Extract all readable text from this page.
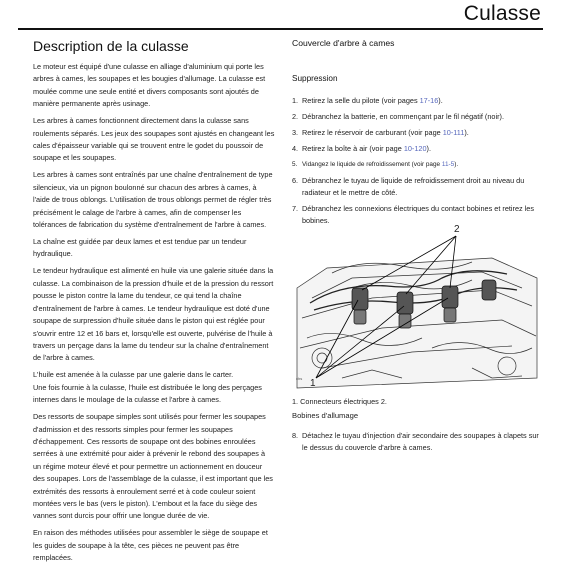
Culasse
Description de la culasse

Le moteur est équipé d'une culasse en alliage d'aluminium qui porte les arbres à cames, les soupapes et les bougies d'allumage. La culasse est moulée comme une seule entité et divers composants sont ajoutés de manière permanente après usinage.

Les arbres à cames fonctionnent directement dans la culasse sans roulements séparés. Les jeux des soupapes sont ajustés en changeant les cales d'épaisseur variable qui se trouvent entre le godet du poussoir de soupape et les soupapes.

Les arbres à cames sont entraînés par une chaîne d'entraînement de type silencieux, via un pignon boulonné sur chacun des arbres à cames, à l'aide de trous oblongs. L'utilisation de trous oblongs permet de régler très précisément le calage de l'arbre à cames, afin de compenser les tolérances de fabrication du système d'entraînement de l'arbre à cames.

La chaîne est guidée par deux lames et est tendue par un tendeur hydraulique.

Le tendeur hydraulique est alimenté en huile via une galerie située dans la culasse. La combinaison de la pression d'huile et de la pression du ressort pousse le piston contre la lame du tendeur, ce qui tend la chaîne d'entraînement de l'arbre à cames. Le tendeur hydraulique est doté d'une soupape de surpression d'huile située dans le piston qui est réglée pour s'ouvrir entre 12 et 16 bars et, lorsqu'elle est ouverte, pulvérise de l'huile à travers un perçage dans la lame du tendeur sur la chaîne d'entraînement de l'arbre à cames.

L'huile est amenée à la culasse par une galerie dans le carter.

Une fois fournie à la culasse, l'huile est distribuée le long des perçages internes dans le moulage de la culasse et l'arbre à cames.

Des ressorts de soupape simples sont utilisés pour fermer les soupapes d'admission et des ressorts simples pour fermer les soupapes d'échappement. Ces ressorts de soupape ont des bobines enroulées serrées à une extrémité pour aider à prévenir le rebond des soupapes à un régime moteur élevé et pour permettre un actionnement en douceur des soupapes. Lors de l'assemblage de la culasse, il est important que les extrémités des ressorts à enroulement serré et à code couleur soient montées vers le bas (vers le piston). L'embout et la face du siège des vannes sont durcis pour offrir une longue durée de vie.

En raison des méthodes utilisées pour assembler le siège de soupape et les guides de soupape à la tête, ces pièces ne peuvent pas être remplacées.

Couvercle d'arbre à cames
Suppression
1. Retirez la selle du pilote (voir pages 17-16).
2. Débranchez la batterie, en commençant par le fil négatif (noir).
3. Retirez le réservoir de carburant (voir page 10-111).
4. Retirez la boîte à air (voir page 10-120).
5. Vidangez le liquide de refroidissement (voir page 11-5).
6. Débranchez le tuyau de liquide de refroidissement droit au niveau du radiateur et le mettre de côté.
7. Débranchez les connexions électriques du contact bobines et retirez les bobines.
1
2
chs
1. Connecteurs électriques 2.
Bobines d'allumage
8. Détachez le tuyau d'injection d'air secondaire des soupapes à clapets sur le dessus du couvercle d'arbre à cames.
